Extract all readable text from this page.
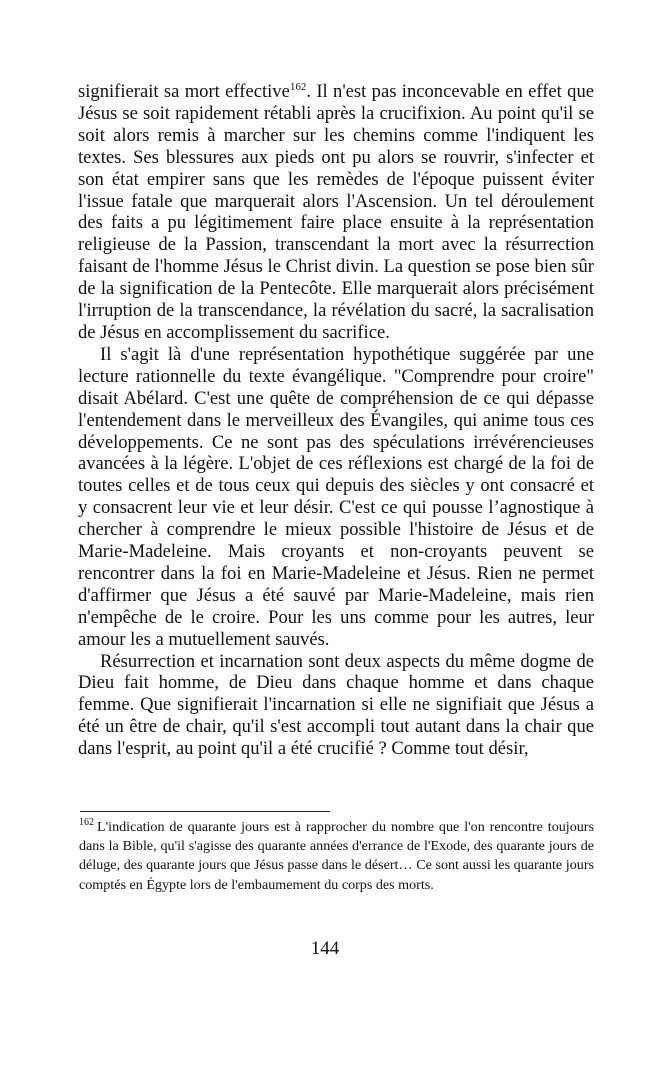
signifierait sa mort effective$^{162}$. Il n'est pas inconcevable en effet que Jésus se soit rapidement rétabli après la crucifixion. Au point qu'il se soit alors remis à marcher sur les chemins comme l'indiquent les textes. Ses blessures aux pieds ont pu alors se rouvrir, s'infecter et son état empirer sans que les remèdes de l'époque puissent éviter l'issue fatale que marquerait alors l'Ascension. Un tel déroulement des faits a pu légitimement faire place ensuite à la représentation religieuse de la Passion, transcendant la mort avec la résurrection faisant de l'homme Jésus le Christ divin. La question se pose bien sûr de la signification de la Pentecôte. Elle marquerait alors précisément l'irruption de la transcendance, la révélation du sacré, la sacralisation de Jésus en accomplissement du sacrifice.

Il s'agit là d'une représentation hypothétique suggérée par une lecture rationnelle du texte évangélique. "Comprendre pour croire" disait Abélard. C'est une quête de compréhension de ce qui dépasse l'entendement dans le merveilleux des Évangiles, qui anime tous ces développements. Ce ne sont pas des spéculations irrévérencieuses avancées à la légère. L'objet de ces réflexions est chargé de la foi de toutes celles et de tous ceux qui depuis des siècles y ont consacré et y consacrent leur vie et leur désir. C'est ce qui pousse l’agnostique à chercher à comprendre le mieux possible l'histoire de Jésus et de Marie-Madeleine. Mais croyants et non-croyants peuvent se rencontrer dans la foi en Marie-Madeleine et Jésus. Rien ne permet d'affirmer que Jésus a été sauvé par Marie-Madeleine, mais rien n'empêche de le croire. Pour les uns comme pour les autres, leur amour les a mutuellement sauvés.

Résurrection et incarnation sont deux aspects du même dogme de Dieu fait homme, de Dieu dans chaque homme et dans chaque femme. Que signifierait l'incarnation si elle ne signifiait que Jésus a été un être de chair, qu'il s'est accompli tout autant dans la chair que dans l'esprit, au point qu'il a été crucifié ? Comme tout désir,

$^{162}$ L'indication de quarante jours est à rapprocher du nombre que l'on rencontre toujours dans la Bible, qu'il s'agisse des quarante années d'errance de l'Exode, des quarante jours de déluge, des quarante jours que Jésus passe dans le désert… Ce sont aussi les quarante jours comptés en Égypte lors de l'embaumement du corps des morts.

144
